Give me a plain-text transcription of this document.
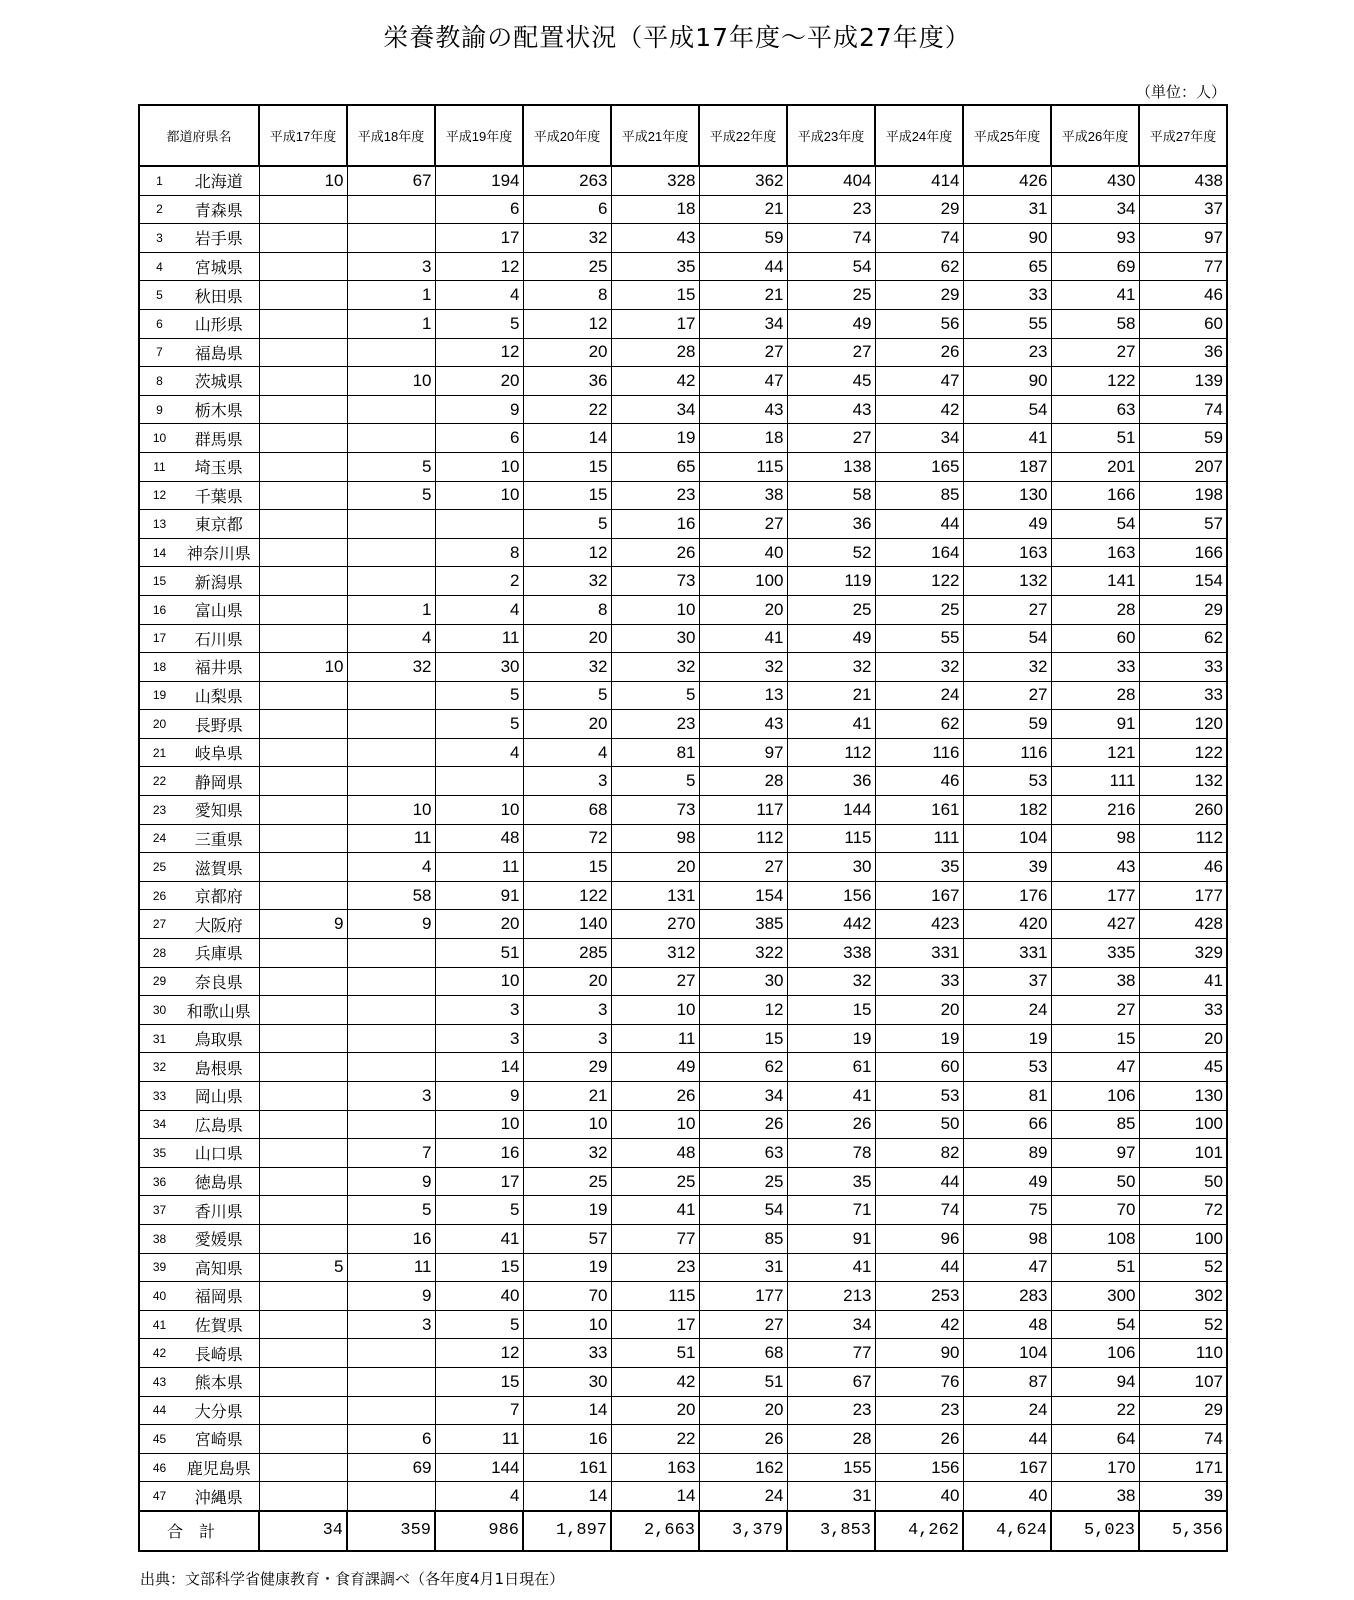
栄養教諭の配置状況（平成17年度～平成27年度）
（単位：人）
都道府県名		平成17年度	平成18年度	平成19年度	平成20年度	平成21年度	平成22年度	平成23年度	平成24年度	平成25年度	平成26年度	平成27年度
1	北海道	10	67	194	263	328	362	404	414	426	430	438
2	青森県			6	6	18	21	23	29	31	34	37
3	岩手県			17	32	43	59	74	74	90	93	97
4	宮城県		3	12	25	35	44	54	62	65	69	77
5	秋田県		1	4	8	15	21	25	29	33	41	46
6	山形県		1	5	12	17	34	49	56	55	58	60
7	福島県			12	20	28	27	27	26	23	27	36
8	茨城県		10	20	36	42	47	45	47	90	122	139
9	栃木県			9	22	34	43	43	42	54	63	74
10	群馬県			6	14	19	18	27	34	41	51	59
11	埼玉県		5	10	15	65	115	138	165	187	201	207
12	千葉県		5	10	15	23	38	58	85	130	166	198
13	東京都				5	16	27	36	44	49	54	57
14	神奈川県			8	12	26	40	52	164	163	163	166
15	新潟県			2	32	73	100	119	122	132	141	154
16	富山県		1	4	8	10	20	25	25	27	28	29
17	石川県		4	11	20	30	41	49	55	54	60	62
18	福井県	10	32	30	32	32	32	32	32	32	33	33
19	山梨県			5	5	5	13	21	24	27	28	33
20	長野県			5	20	23	43	41	62	59	91	120
21	岐阜県			4	4	81	97	112	116	116	121	122
22	静岡県				3	5	28	36	46	53	111	132
23	愛知県		10	10	68	73	117	144	161	182	216	260
24	三重県		11	48	72	98	112	115	111	104	98	112
25	滋賀県		4	11	15	20	27	30	35	39	43	46
26	京都府		58	91	122	131	154	156	167	176	177	177
27	大阪府	9	9	20	140	270	385	442	423	420	427	428
28	兵庫県			51	285	312	322	338	331	331	335	329
29	奈良県			10	20	27	30	32	33	37	38	41
30	和歌山県			3	3	10	12	15	20	24	27	33
31	鳥取県			3	3	11	15	19	19	19	15	20
32	島根県			14	29	49	62	61	60	53	47	45
33	岡山県		3	9	21	26	34	41	53	81	106	130
34	広島県			10	10	10	26	26	50	66	85	100
35	山口県		7	16	32	48	63	78	82	89	97	101
36	徳島県		9	17	25	25	25	35	44	49	50	50
37	香川県		5	5	19	41	54	71	74	75	70	72
38	愛媛県		16	41	57	77	85	91	96	98	108	100
39	高知県	5	11	15	19	23	31	41	44	47	51	52
40	福岡県		9	40	70	115	177	213	253	283	300	302
41	佐賀県		3	5	10	17	27	34	42	48	54	52
42	長崎県			12	33	51	68	77	90	104	106	110
43	熊本県			15	30	42	51	67	76	87	94	107
44	大分県			7	14	20	20	23	23	24	22	29
45	宮崎県		6	11	16	22	26	28	26	44	64	74
46	鹿児島県		69	144	161	163	162	155	156	167	170	171
47	沖縄県			4	14	14	24	31	40	40	38	39
合計		34	359	986	1,897	2,663	3,379	3,853	4,262	4,624	5,023	5,356
出典：文部科学省健康教育・食育課調べ（各年度4月1日現在）
